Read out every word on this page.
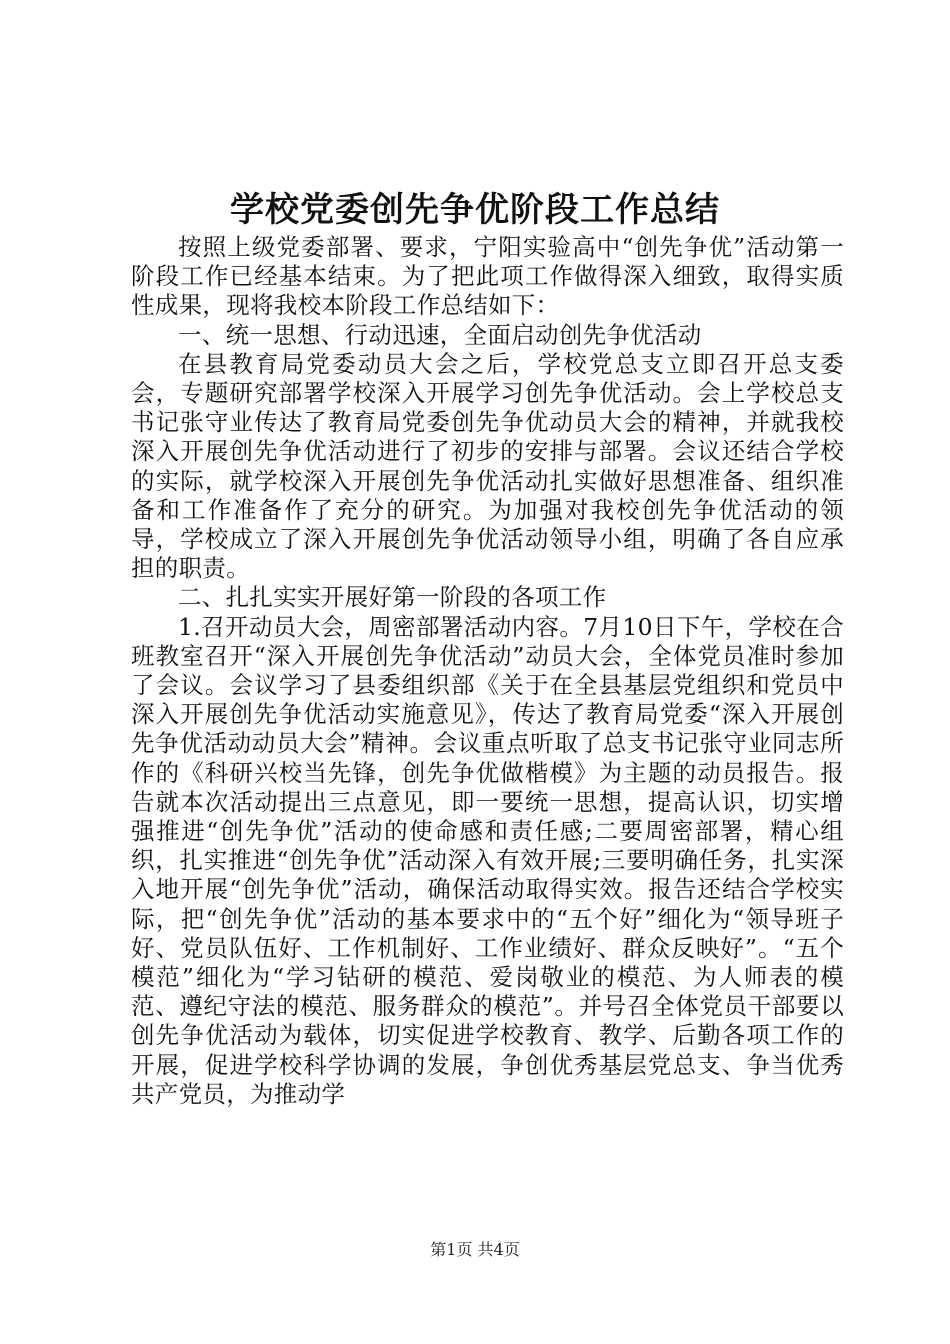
学校党委创先争优阶段工作总结

按照上级党委部署、要求，宁阳实验高中“创先争优”活动第一阶段工作已经基本结束。为了把此项工作做得深入细致，取得实质性成果，现将我校本阶段工作总结如下：

一、统一思想、行动迅速，全面启动创先争优活动

在县教育局党委动员大会之后，学校党总支立即召开总支委会，专题研究部署学校深入开展学习创先争优活动。会上学校总支书记张守业传达了教育局党委创先争优动员大会的精神，并就我校深入开展创先争优活动进行了初步的安排与部署。会议还结合学校的实际，就学校深入开展创先争优活动扎实做好思想准备、组织准备和工作准备作了充分的研究。为加强对我校创先争优活动的领导，学校成立了深入开展创先争优活动领导小组，明确了各自应承担的职责。

二、扎扎实实开展好第一阶段的各项工作

1.召开动员大会，周密部署活动内容。7月10日下午，学校在合班教室召开“深入开展创先争优活动”动员大会，全体党员准时参加了会议。会议学习了县委组织部《关于在全县基层党组织和党员中深入开展创先争优活动实施意见》，传达了教育局党委“深入开展创先争优活动动员大会”精神。会议重点听取了总支书记张守业同志所作的《科研兴校当先锋，创先争优做楷模》为主题的动员报告。报告就本次活动提出三点意见，即一要统一思想，提高认识，切实增强推进“创先争优”活动的使命感和责任感;二要周密部署，精心组织，扎实推进“创先争优”活动深入有效开展;三要明确任务，扎实深入地开展“创先争优”活动，确保活动取得实效。报告还结合学校实际，把“创先争优”活动的基本要求中的“五个好”细化为“领导班子好、党员队伍好、工作机制好、工作业绩好、群众反映好”。“五个模范”细化为“学习钻研的模范、爱岗敬业的模范、为人师表的模范、遵纪守法的模范、服务群众的模范”。并号召全体党员干部要以创先争优活动为载体，切实促进学校教育、教学、后勤各项工作的开展，促进学校科学协调的发展，争创优秀基层党总支、争当优秀共产党员，为推动学

第1页 共4页
